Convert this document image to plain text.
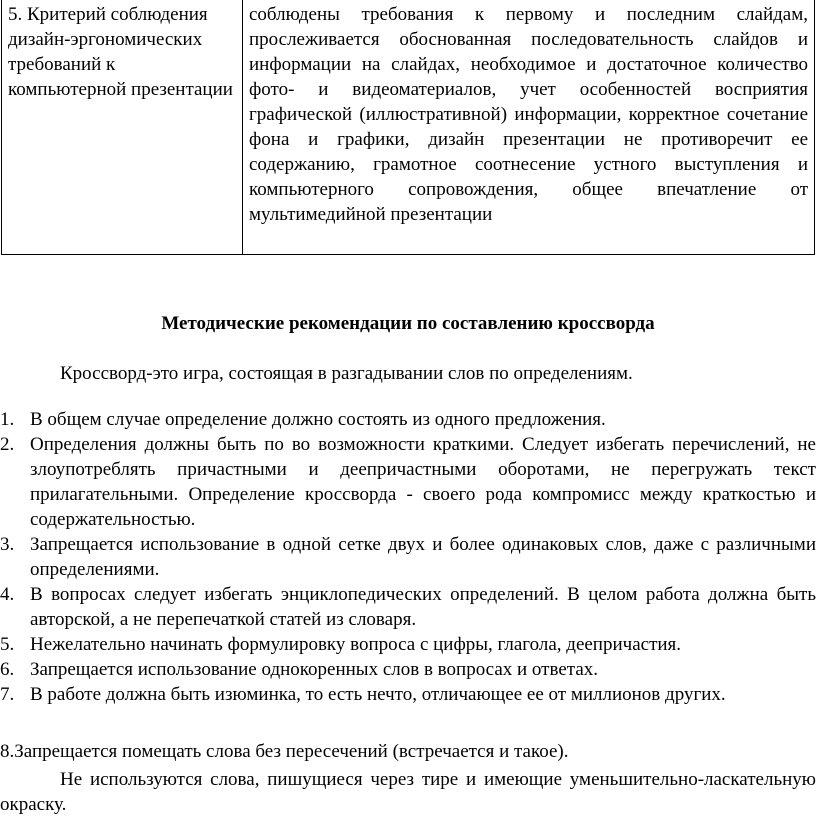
5. Критерий соблюдения дизайн-эргономических требований к компьютерной презентации	соблюдены требования к первому и последним слайдам, прослеживается обоснованная последовательность слайдов и информации на слайдах, необходимое и достаточное количество фото- и видеоматериалов, учет особенностей восприятия графической (иллюстративной) информации, корректное сочетание фона и графики, дизайн презентации не противоречит ее содержанию, грамотное соотнесение устного выступления и компьютерного сопровождения, общее впечатление от мультимедийной презентации
Методические рекомендации по составлению кроссворда
Кроссворд-это игра, состоящая в разгадывании слов по определениям.
1. В общем случае определение должно состоять из одного предложения.
2. Определения должны быть по во возможности краткими. Следует избегать перечислений, не злоупотреблять причастными и деепричастными оборотами, не перегружать текст прилагательными. Определение кроссворда - своего рода компромисс между краткостью и содержательностью.
3. Запрещается использование в одной сетке двух и более одинаковых слов, даже с различными определениями.
4. В вопросах следует избегать энциклопедических определений. В целом работа должна быть авторской, а не перепечаткой статей из словаря.
5. Нежелательно начинать формулировку вопроса с цифры, глагола, деепричастия.
6. Запрещается использование однокоренных слов в вопросах и ответах.
7. В работе должна быть изюминка, то есть нечто, отличающее ее от миллионов других.
8.Запрещается помещать слова без пересечений (встречается и такое).
Не используются слова, пишущиеся через тире и имеющие уменьшительно-ласкательную окраску.
